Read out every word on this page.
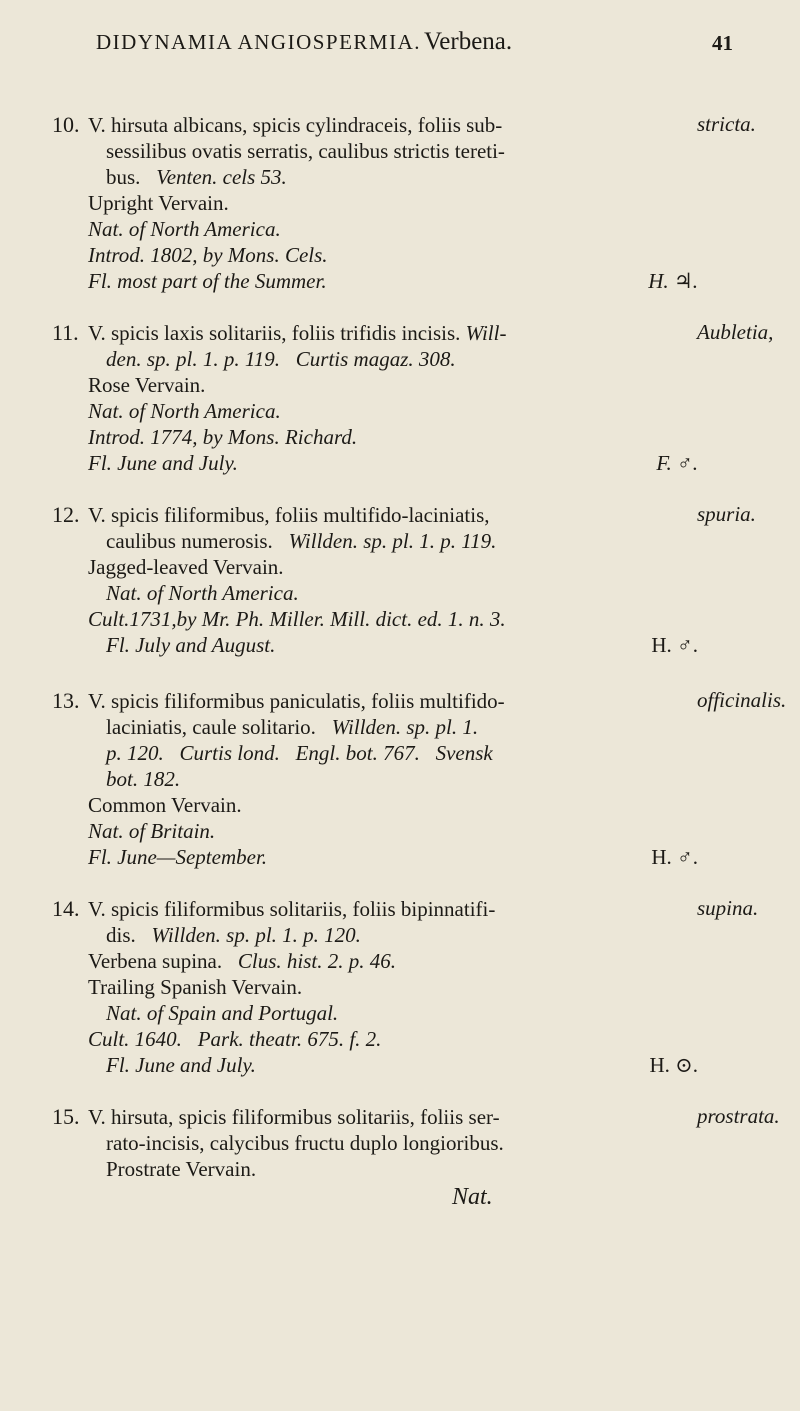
DIDYNAMIA ANGIOSPERMIA. Verbena.	41
10.	stricta.
V. hirsuta albicans, spicis cylindraceis, foliis sub-
sessilibus ovatis serratis, caulibus strictis tereti-
bus. Venten. cels 53.
Upright Vervain.
Nat. of North America.
Introd. 1802, by Mons. Cels.
Fl. most part of the Summer.	H. ♃.
11.	Aubletia,
V. spicis laxis solitariis, foliis trifidis incisis. Will-
den. sp. pl. 1. p. 119. Curtis magaz. 308.
Rose Vervain.
Nat. of North America.
Introd. 1774, by Mons. Richard.
Fl. June and July.	F. ♂.
12.	spuria.
V. spicis filiformibus, foliis multifido-laciniatis,
caulibus numerosis. Willden. sp. pl. 1. p. 119.
Jagged-leaved Vervain.
Nat. of North America.
Cult.1731,by Mr. Ph. Miller. Mill. dict. ed. 1. n. 3.
Fl. July and August.	H. ♂.
13.	officinalis.
V. spicis filiformibus paniculatis, foliis multifido-
laciniatis, caule solitario. Willden. sp. pl. 1.
p. 120. Curtis lond. Engl. bot. 767. Svensk
bot. 182.
Common Vervain.
Nat. of Britain.
Fl. June—September.	H. ♂.
14.	supina.
V. spicis filiformibus solitariis, foliis bipinnatifi-
dis. Willden. sp. pl. 1. p. 120.
Verbena supina. Clus. hist. 2. p. 46.
Trailing Spanish Vervain.
Nat. of Spain and Portugal.
Cult. 1640. Park. theatr. 675. f. 2.
Fl. June and July.	H. ⊙.
15.	prostrata.
V. hirsuta, spicis filiformibus solitariis, foliis ser-
rato-incisis, calycibus fructu duplo longioribus.
Prostrate Vervain.
Nat.
